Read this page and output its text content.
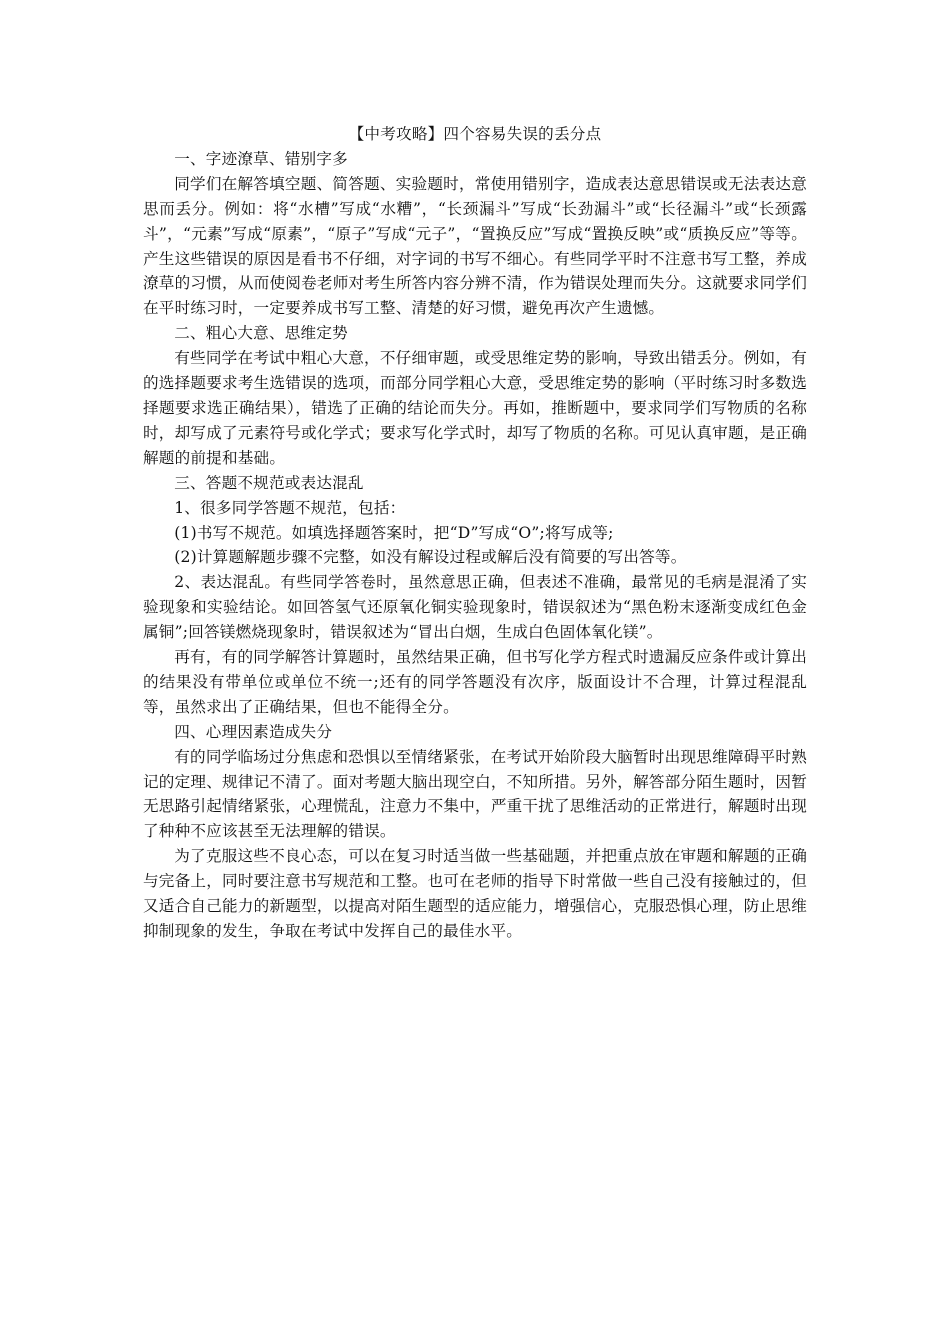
【中考攻略】四个容易失误的丢分点

一、字迹潦草、错别字多

同学们在解答填空题、简答题、实验题时，常使用错别字，造成表达意思错误或无法表达意思而丢分。例如：将“水槽”写成“水糟”，“长颈漏斗”写成“长劲漏斗”或“长径漏斗”或“长颈露斗”，“元素”写成“原素”，“原子”写成“元子”，“置换反应”写成“置换反映”或“质换反应”等等。产生这些错误的原因是看书不仔细，对字词的书写不细心。有些同学平时不注意书写工整，养成潦草的习惯，从而使阅卷老师对考生所答内容分辨不清，作为错误处理而失分。这就要求同学们在平时练习时，一定要养成书写工整、清楚的好习惯，避免再次产生遗憾。

二、粗心大意、思维定势

有些同学在考试中粗心大意，不仔细审题，或受思维定势的影响，导致出错丢分。例如，有的选择题要求考生选错误的选项，而部分同学粗心大意，受思维定势的影响（平时练习时多数选择题要求选正确结果），错选了正确的结论而失分。再如，推断题中，要求同学们写物质的名称时，却写成了元素符号或化学式；要求写化学式时，却写了物质的名称。可见认真审题，是正确解题的前提和基础。

三、答题不规范或表达混乱

1、很多同学答题不规范，包括：

(1)书写不规范。如填选择题答案时，把“D”写成“O”;将写成等;

(2)计算题解题步骤不完整，如没有解设过程或解后没有简要的写出答等。

2、表达混乱。有些同学答卷时，虽然意思正确，但表述不准确，最常见的毛病是混淆了实验现象和实验结论。如回答氢气还原氧化铜实验现象时，错误叙述为“黑色粉末逐渐变成红色金属铜”;回答镁燃烧现象时，错误叙述为“冒出白烟，生成白色固体氧化镁”。

再有，有的同学解答计算题时，虽然结果正确，但书写化学方程式时遗漏反应条件或计算出的结果没有带单位或单位不统一;还有的同学答题没有次序，版面设计不合理，计算过程混乱等，虽然求出了正确结果，但也不能得全分。

四、心理因素造成失分

有的同学临场过分焦虑和恐惧以至情绪紧张，在考试开始阶段大脑暂时出现思维障碍平时熟记的定理、规律记不清了。面对考题大脑出现空白，不知所措。另外，解答部分陌生题时，因暂无思路引起情绪紧张，心理慌乱，注意力不集中，严重干扰了思维活动的正常进行，解题时出现了种种不应该甚至无法理解的错误。

为了克服这些不良心态，可以在复习时适当做一些基础题，并把重点放在审题和解题的正确与完备上，同时要注意书写规范和工整。也可在老师的指导下时常做一些自己没有接触过的，但又适合自己能力的新题型，以提高对陌生题型的适应能力，增强信心，克服恐惧心理，防止思维抑制现象的发生，争取在考试中发挥自己的最佳水平。
